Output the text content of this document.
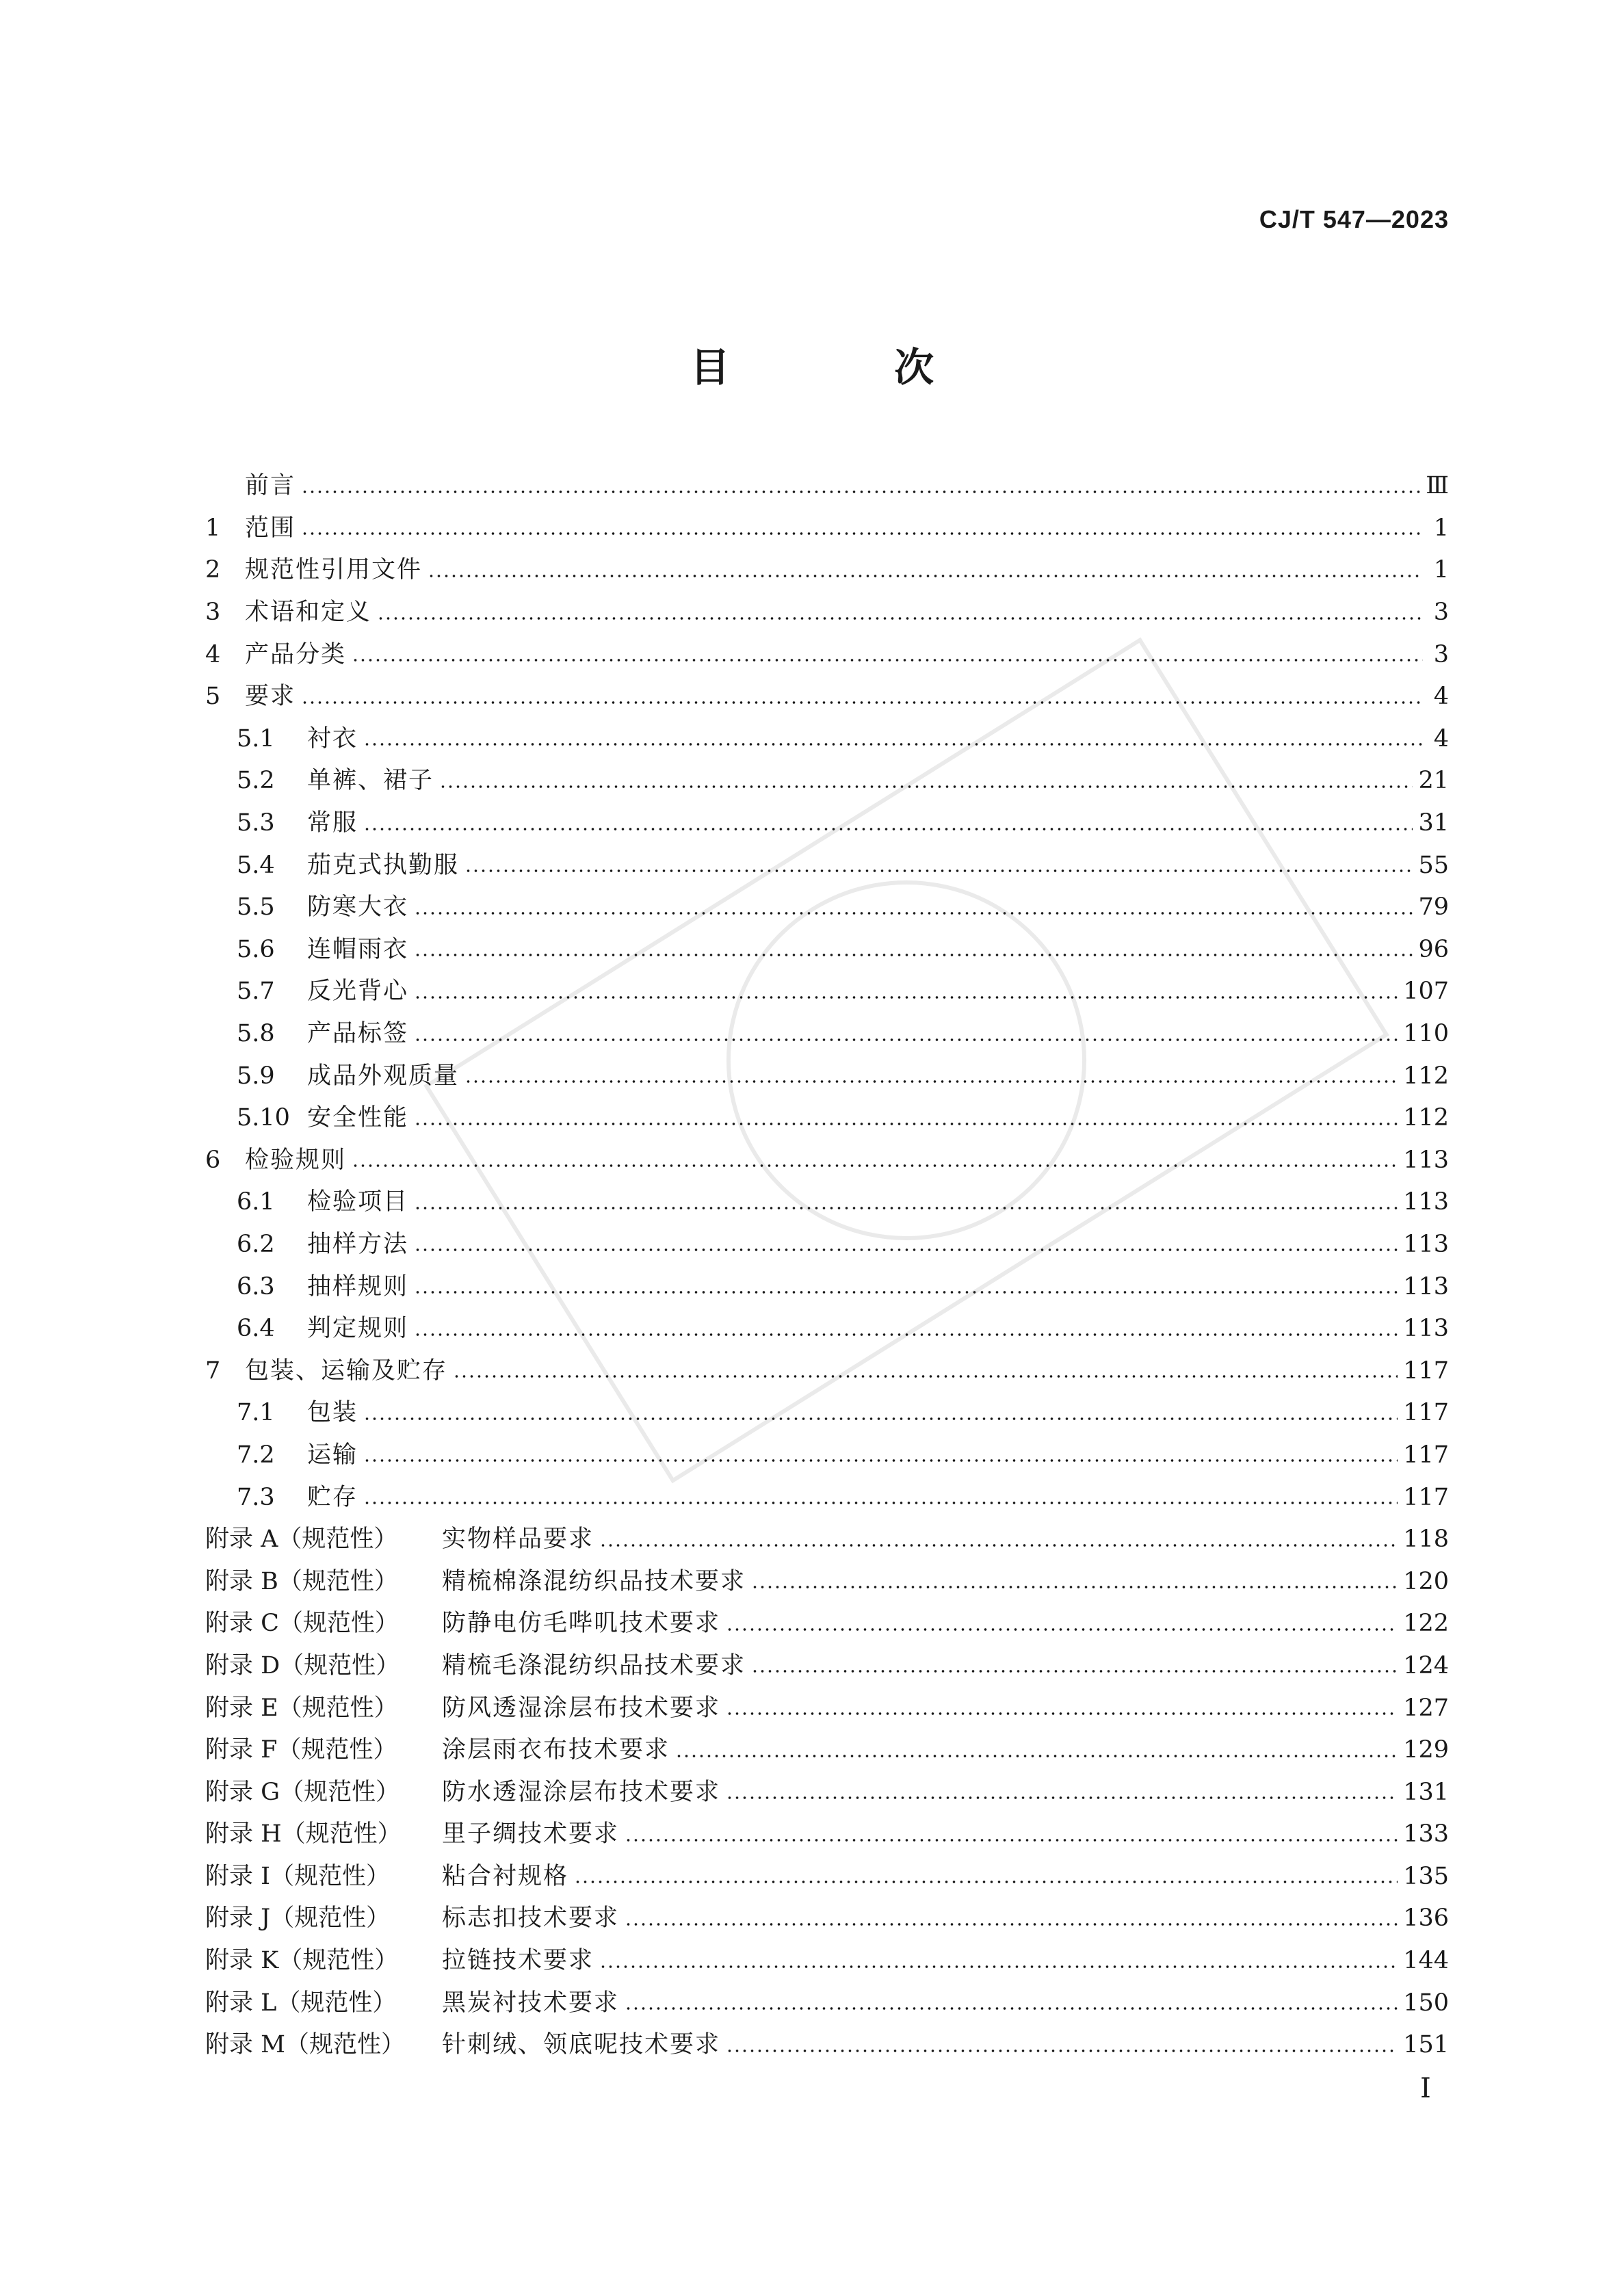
CJ/T 547—2023
目 次
前言	Ⅲ
1	范围	1
2	规范性引用文件	1
3	术语和定义	3
4	产品分类	3
5	要求	4
5.1	衬衣	4
5.2	单裤、裙子	21
5.3	常服	31
5.4	茄克式执勤服	55
5.5	防寒大衣	79
5.6	连帽雨衣	96
5.7	反光背心	107
5.8	产品标签	110
5.9	成品外观质量	112
5.10 安全性能	112
6	检验规则	113
6.1	检验项目	113
6.2	抽样方法	113
6.3	抽样规则	113
6.4	判定规则	113
7	包装、运输及贮存	117
7.1	包装	117
7.2	运输	117
7.3	贮存	117
附录 A（规范性）	实物样品要求	118
附录 B（规范性）	精梳棉涤混纺织品技术要求	120
附录 C（规范性）	防静电仿毛哔叽技术要求	122
附录 D（规范性）	精梳毛涤混纺织品技术要求	124
附录 E（规范性）	防风透湿涂层布技术要求	127
附录 F（规范性）	涂层雨衣布技术要求	129
附录 G（规范性）	防水透湿涂层布技术要求	131
附录 H（规范性）	里子绸技术要求	133
附录 I（规范性）	粘合衬规格	135
附录 J（规范性）	标志扣技术要求	136
附录 K（规范性）	拉链技术要求	144
附录 L（规范性）	黑炭衬技术要求	150
附录 M（规范性）	针刺绒、领底呢技术要求	151
Ⅰ
